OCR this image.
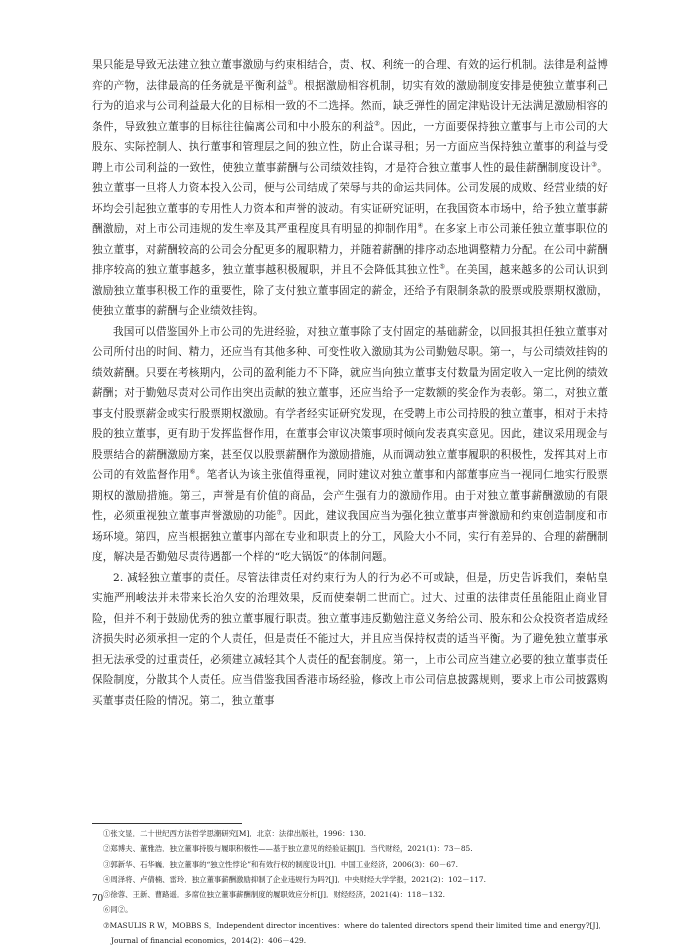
果只能是导致无法建立独立董事激励与约束相结合，责、权、利统一的合理、有效的运行机制。法律是利益博弈的产物，法律最高的任务就是平衡利益①。根据激励相容机制，切实有效的激励制度安排是使独立董事利己行为的追求与公司利益最大化的目标相一致的不二选择。然而，缺乏弹性的固定津贴设计无法满足激励相容的条件，导致独立董事的目标往往偏离公司和中小股东的利益②。因此，一方面要保持独立董事与上市公司的大股东、实际控制人、执行董事和管理层之间的独立性，防止合谋寻租；另一方面应当保持独立董事的利益与受聘上市公司利益的一致性，使独立董事薪酬与公司绩效挂钩，才是符合独立董事人性的最佳薪酬制度设计③。独立董事一旦将人力资本投入公司，便与公司结成了荣辱与共的命运共同体。公司发展的成败、经营业绩的好坏均会引起独立董事的专用性人力资本和声誉的波动。有实证研究证明，在我国资本市场中，给予独立董事薪酬激励，对上市公司违规的发生率及其严重程度具有明显的抑制作用④。在多家上市公司兼任独立董事职位的独立董事，对薪酬较高的公司会分配更多的履职精力，并随着薪酬的排序动态地调整精力分配。在公司中薪酬排序较高的独立董事越多，独立董事越积极履职，并且不会降低其独立性⑤。在美国，越来越多的公司认识到激励独立董事积极工作的重要性，除了支付独立董事固定的薪金，还给予有限制条款的股票或股票期权激励，使独立董事的薪酬与企业绩效挂钩。

我国可以借鉴国外上市公司的先进经验，对独立董事除了支付固定的基础薪金，以回报其担任独立董事对公司所付出的时间、精力，还应当有其他多种、可变性收入激励其为公司勤勉尽职。第一，与公司绩效挂钩的绩效薪酬。只要在考核期内，公司的盈利能力不下降，就应当向独立董事支付数量为固定收入一定比例的绩效薪酬；对于勤勉尽责对公司作出突出贡献的独立董事，还应当给予一定数额的奖金作为表彰。第二，对独立董事支付股票薪金或实行股票期权激励。有学者经实证研究发现，在受聘上市公司持股的独立董事，相对于未持股的独立董事，更有助于发挥监督作用，在董事会审议决策事项时倾向发表真实意见。因此，建议采用现金与股票结合的薪酬激励方案，甚至仅以股票薪酬作为激励措施，从而调动独立董事履职的积极性，发挥其对上市公司的有效监督作用⑥。笔者认为该主张值得重视，同时建议对独立董事和内部董事应当一视同仁地实行股票期权的激励措施。第三，声誉是有价值的商品，会产生强有力的激励作用。由于对独立董事薪酬激励的有限性，必须重视独立董事声誉激励的功能⑦。因此，建议我国应当为强化独立董事声誉激励和约束创造制度和市场环境。第四，应当根据独立董事内部在专业和职责上的分工，风险大小不同，实行有差异的、合理的薪酬制度，解决是否勤勉尽责待遇都一个样的“吃大锅饭”的体制问题。

2. 减轻独立董事的责任。尽管法律责任对约束行为人的行为必不可或缺，但是，历史告诉我们，秦帖皇实施严刑峻法并未带来长治久安的治理效果，反而使秦朝二世而亡。过大、过重的法律责任虽能阻止商业冒险，但并不利于鼓励优秀的独立董事履行职责。独立董事违反勤勉注意义务给公司、股东和公众投资者造成经济损失时必须承担一定的个人责任，但是责任不能过大，并且应当保持权责的适当平衡。为了避免独立董事承担无法承受的过重责任，必须建立减轻其个人责任的配套制度。第一，上市公司应当建立必要的独立董事责任保险制度，分散其个人责任。应当借鉴我国香港市场经验，修改上市公司信息披露规则，要求上市公司披露购买董事责任险的情况。第二，独立董事

①张文显．二十世纪西方法哲学思潮研究[M]．北京：法律出版社，1996：130.

②郑博夫、董雅浩．独立董事持股与履职积极性——基于独立意见的经验证据[J]．当代财经，2021(1)：73－85.

③郭新华、石华巍．独立董事的“独立性悖论”和有效行权的制度设计[J]．中国工业经济，2006(3)：60－67.

④周泽将、卢倩楠、雷玲．独立董事薪酬激励抑制了企业违规行为吗?[J]．中央财经大学学报，2021(2)：102－117.

⑤徐蓉、王新、曹路遥．多席位独立董事薪酬制度的履职效应分析[J]．财经经济，2021(4)：118－132.

⑥同②。

⑦MASULIS R W，MOBBS S．Independent director incentives：where do talented directors spend their limited time and energy?[J]．Journal of financial economics，2014(2)：406－429.

70
